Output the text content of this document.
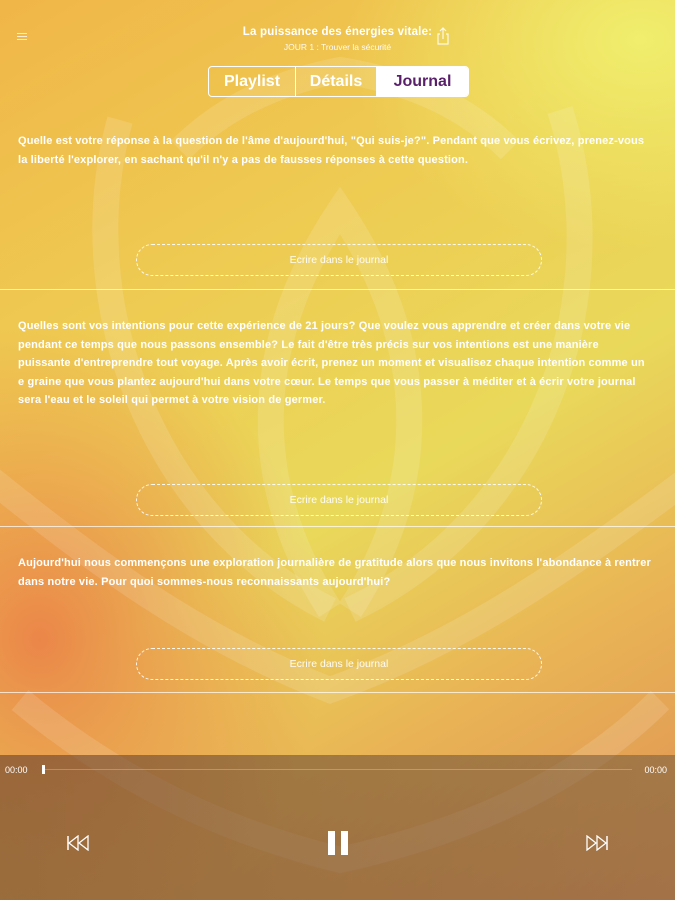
La puissance des énergies vitale:
JOUR 1 : Trouver la sécurité
Playlist	Détails	Journal
Quelle est votre réponse à la question de l'âme d'aujourd'hui, "Qui suis-je?". Pendant que vous écrivez, prenez-vous la liberté l'explorer, en sachant qu'il n'y a pas de fausses réponses à cette question.
Ecrire dans le journal
Quelles sont vos intentions pour cette expérience de 21 jours? Que voulez vous apprendre et créer dans votre vie pendant ce temps que nous passons ensemble? Le fait d'être très précis sur vos intentions est une manière puissante d'entreprendre tout voyage. Après avoir écrit, prenez un moment et visualisez chaque intention comme un e graine que vous plantez aujourd'hui dans votre cœur. Le temps que vous passer à méditer et à écrir votre journal sera l'eau et le soleil qui permet à votre vision de germer.
Ecrire dans le journal
Aujourd'hui nous commençons une exploration journalière de gratitude alors que nous invitons l'abondance à rentrer dans notre vie. Pour quoi sommes-nous reconnaissants aujourd'hui?
Ecrire dans le journal
00:00	00:00
